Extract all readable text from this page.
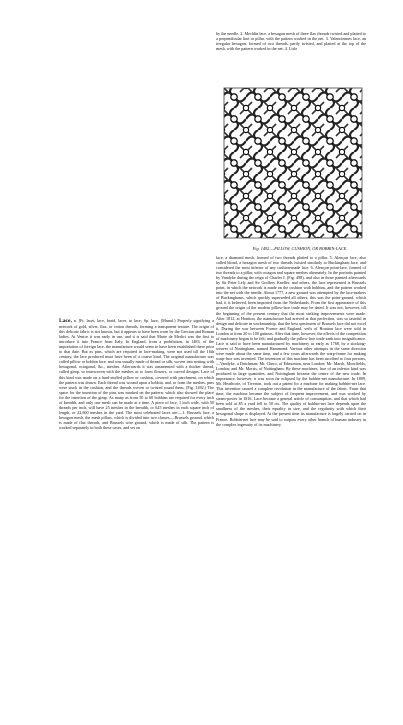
by the needle. 2. Mechlin lace, a hexagon mesh of three flax threads twisted and plaited to a perpendicular line or pillar, with the pattern worked in the net. 3. Valenciennes lace, an irregular hexagon, formed of two threads, partly twisted, and plaited at the top of the mesh, with the pattern worked in the net. 4. Lisle

Fig. 1492.—PILLOW, CUSHION, OR BOBBIN-LACE.

lace, a diamond mesh, formed of two threads plaited to a pillar. 5. Alençon lace, also called blond, a hexagon mesh of two threads twisted similarly to Buckingham lace, and considered the most inferior of any cushion-made lace. 6. Alençon point-lace, formed of two threads to a pillar, with octagon and square meshes alternately. In the portraits painted by Vandyke during the reign of Charles I. (Fig. 498), and also in those painted afterwards by Sir Peter Lely and Sir Godfrey Kneller, and others, the lace represented is Brussels point, in which the network is made on the cushion with bobbins, and the pattern worked into the net with the needle. About 1777, a new ground was attempted by the lace-makers of Buckinghams, which quickly superseded all others; this was the point-ground, which had, it is believed, been imported from the Netherlands. From the first appearance of this ground the origin of the modern pillow-lace trade may be dated. It was not, however, till the beginning of the present century that the most striking improvements were made. After 1812, at Honiton, the manufacture had arrived at that perfection, was so tasteful in design and delicate in workmanship, that the best specimens of Brussels lace did not excel it. During the war between France and England, veils of Honiton lace were sold in London at from 20 to 100 guineas. After that time, however, the effects of the competition of machinery began to be felt; and gradually the pillow-lace trade sank into insignificance. Lace is said to have been manufactured by machinery as early as 1768, by a stocking-weaver of Nottingham, named Hammond. Various other attempts in the same direction were made about the same time, and a few years afterwards the warp-frame for making warp-lace was invented. The invention of this machine has been ascribed to four persons,—Vandyke, a Dutchman; Mr. Chero, of Edmonton, near London; Mr. Marsh, Moorfields, London; and Mr. Morris, of Nottingham. By these machines, lace of an inferior kind was produced in large quantities, and Nottingham became the centre of the new trade. In importance, however, it was soon far eclipsed by the bobbin-net manufacture. In 1809, Mr. Heathcote, of Tiverton, took out a patent for a machine for making bobbin-net lace. This invention caused a complete revolution in the manufacture of the fabric. From that time, the machine became the subject of frequent improvement, and was worked by steam-power in 1816. Lace became a general article of consumption, and that which had been sold at $5 a yard fell to 50 cts. The quality of bobbin-net lace depends upon the smallness of the meshes, their equality in size, and the regularity with which their hexagonal shape is displayed. At the present time its manufacture is largely carried on in France. Bobbin-net lace may be said to surpass every other branch of human industry in the complex ingenuity of its machinery.

Lace, n. [Fr. lacet, lace, braid, lacer, to lace; Sp. lazo, (Manuf.) Properly signifying a network of gold, silver, flax, or cotton threads, forming a transparent texture. The origin of this delicate fabric is not known, but it appears to have been worn by the Grecian and Roman ladies. At Venice it was early in use, and it is said that Marie de Medici was the first to introduce it into France from Italy. In England, from a prohibition, in 1483, of the importation of foreign lace, the manufacture would seem to have been established there prior to that date. But as pins, which are required in lace-making, were not used till the 16th century, the lace produced must have been of a coarse kind. The original manufacture was called pillow or bobbin lace, and was usually made of thread or silk, woven into netting with hexagonal, octagonal, &c., meshes. Afterwards it was ornamented with a thicker thread, called gimp, so interwoven with the meshes as to form flowers, or curved designs. Lace of this kind was made on a hard-stuffed pillow or cushion, covered with parchment, on which the pattern was drawn. Each thread was wound upon a bobbin, and, to form the meshes, pins were stuck in the cushion, and the threads woven or twisted round them, (Fig. 1492.) The space for the insertion of the pins was marked on the pattern, which also showed the place for the insertion of the gimp. As many as from 50 to 60 bobbins are required for every inch of breadth, and only one mesh can be made at a time. A piece of lace, 1 inch wide, with 50 threads per inch, will have 25 meshes in the breadth, or 625 meshes in each square inch of length, or 22,600 meshes in the yard. The most celebrated laces are:—1. Brussels lace, a hexagon mesh, the mesh pillars, which is divided into two classes,—Brussels ground, which is made of flax threads, and Brussels wire ground, which is made of silk. The pattern is worked separately in both these cases, and set on
